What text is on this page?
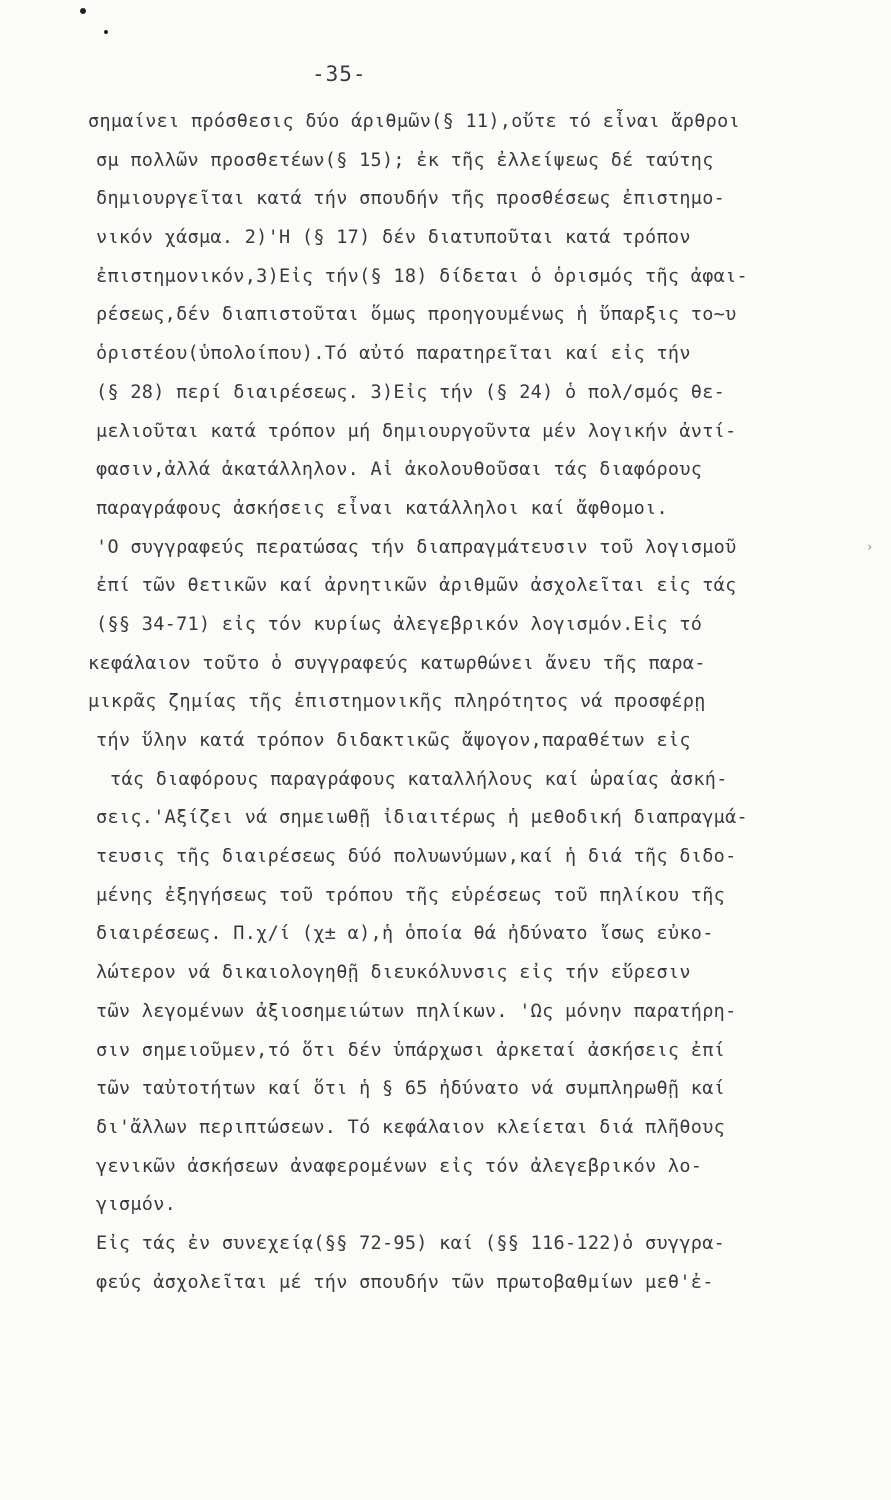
›
-35-
σημαίνει πρόσθεσις δύο άριθμῶν(§ 11),οὔτε τό εἶναι ἄρθροι
σμ πολλῶν προσθετέων(§ 15); ἐκ τῆς ἐλλείψεως δέ ταύτης
δημιουργεῖται κατά τήν σπουδήν τῆς προσθέσεως ἐπιστημο-
νικόν χάσμα. 2)'Η (§ 17) δέν διατυποῦται κατά τρόπον
ἐπιστημονικόν,3)Εἰς τήν(§ 18) δίδεται ὁ ὁρισμός τῆς ἀφαι-
ρέσεως,δέν διαπιστοῦται ὅμως προηγουμένως ἡ ὕπαρξις το~υ
ὁριστέου(ὑπολοίπου).Τό αὐτό παρατηρεῖται καί εἰς τήν
(§ 28) περί διαιρέσεως. 3)Εἰς τήν (§ 24) ὁ πολ/σμός θε-
μελιοῦται κατά τρόπον μή δημιουργοῦντα μέν λογικήν ἀντί-
φασιν,ἀλλά ἀκατάλληλον. Αἱ ἀκολουθοῦσαι τάς διαφόρους
παραγράφους ἀσκήσεις εἶναι κατάλληλοι καί ἄφθομοι.
'Ο συγγραφεύς περατώσας τήν διαπραγμάτευσιν τοῦ λογισμοῦ
ἐπί τῶν θετικῶν καί ἀρνητικῶν ἀριθμῶν ἀσχολεῖται εἰς τάς
(§§ 34-71) εἰς τόν κυρίως ἀλεγεβρικόν λογισμόν.Εἰς τό
κεφάλαιον τοῦτο ὁ συγγραφεύς κατωρθώνει ἄνευ τῆς παρα-
μικρᾶς ζημίας τῆς ἐπιστημονικῆς πληρότητος νά προσφέρῃ
τήν ὕλην κατά τρόπον διδακτικῶς ἄψογον,παραθέτων εἰς
τάς διαφόρους παραγράφους καταλλήλους καί ὡραίας ἀσκή-
σεις.'Αξίζει νά σημειωθῇ ἰδιαιτέρως ἡ μεθοδική διαπραγμά-
τευσις τῆς διαιρέσεως δύό πολυωνύμων,καί ἡ διά τῆς διδο-
μένης ἐξηγήσεως τοῦ τρόπου τῆς εὑρέσεως τοῦ πηλίκου τῆς
διαιρέσεως. Π.χ/ί (χ± α),ἡ ὁποία θά ἠδύνατο ἴσως εὐκο-
λώτερον νά δικαιολογηθῇ διευκόλυνσις εἰς τήν εὕρεσιν
τῶν λεγομένων ἀξιοσημειώτων πηλίκων. 'Ως μόνην παρατήρη-
σιν σημειοῦμεν,τό ὅτι δέν ὑπάρχωσι ἀρκεταί ἀσκήσεις ἐπί
τῶν ταὐτοτήτων καί ὅτι ἡ § 65 ἠδύνατο νά συμπληρωθῇ καί
δι'ἄλλων περιπτώσεων. Τό κεφάλαιον κλείεται διά πλῆθους
γενικῶν ἀσκήσεων ἀναφερομένων εἰς τόν ἀλεγεβρικόν λο-
γισμόν.
Εἰς τάς ἐν συνεχείᾳ(§§ 72-95) καί (§§ 116-122)ὁ συγγρα-
φεύς ἀσχολεῖται μέ τήν σπουδήν τῶν πρωτοβαθμίων μεθ'ἐ-
